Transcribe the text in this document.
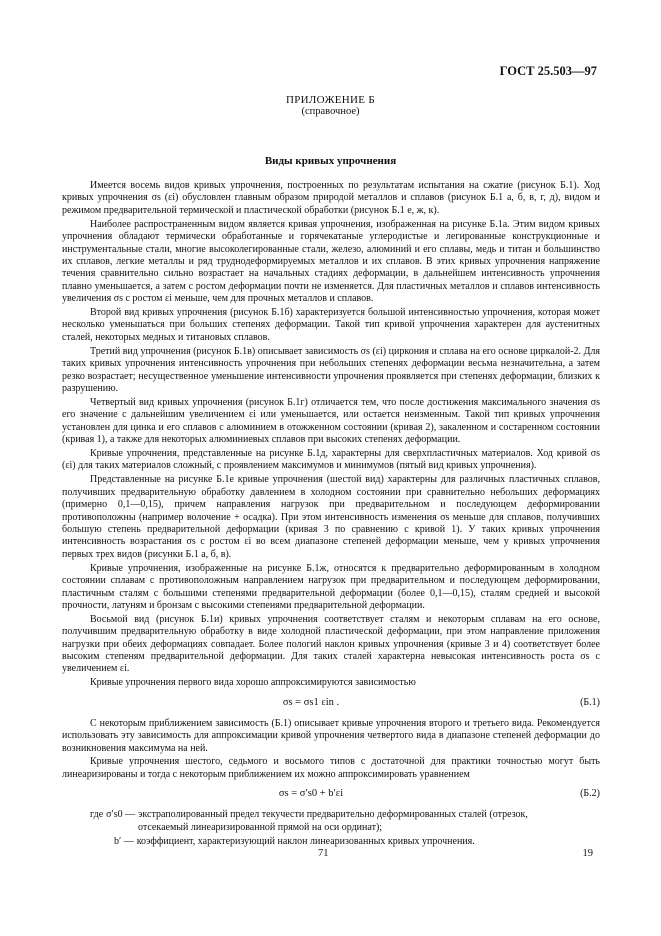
ГОСТ 25.503—97
ПРИЛОЖЕНИЕ Б
(справочное)
Виды кривых упрочнения

Имеется восемь видов кривых упрочнения, построенных по результатам испытания на сжатие (рисунок Б.1). Ход кривых упрочнения σs (εi) обусловлен главным образом природой металлов и сплавов (рисунок Б.1 а, б, в, г, д), видом и режимом предварительной термической и пластической обработки (рисунок Б.1 е, ж, к).

Наиболее распространенным видом является кривая упрочнения, изображенная на рисунке Б.1а. Этим видом кривых упрочнения обладают термически обработанные и горячекатаные углеродистые и легированные конструкционные и инструментальные стали, многие высоколегированные стали, железо, алюминий и его сплавы, медь и титан и большинство их сплавов, легкие металлы и ряд труднодеформируемых металлов и их сплавов. В этих кривых упрочнения напряжение течения сравнительно сильно возрастает на начальных стадиях деформации, в дальнейшем интенсивность упрочнения плавно уменьшается, а затем с ростом деформации почти не изменяется. Для пластичных металлов и сплавов интенсивность увеличения σs с ростом εi меньше, чем для прочных металлов и сплавов.

Второй вид кривых упрочнения (рисунок Б.1б) характеризуется большой интенсивностью упрочнения, которая может несколько уменьшаться при больших степенях деформации. Такой тип кривой упрочнения характерен для аустенитных сталей, некоторых медных и титановых сплавов.

Третий вид упрочнения (рисунок Б.1в) описывает зависимость σs (εi) циркония и сплава на его основе циркалой-2. Для таких кривых упрочнения интенсивность упрочнения при небольших степенях деформации весьма незначительна, а затем резко возрастает; несущественное уменьшение интенсивности упрочнения проявляется при степенях деформации, близких к разрушению.

Четвертый вид кривых упрочнения (рисунок Б.1г) отличается тем, что после достижения максимального значения σs его значение с дальнейшим увеличением εi или уменьшается, или остается неизменным. Такой тип кривых упрочнения установлен для цинка и его сплавов с алюминием в отожженном состоянии (кривая 2), закаленном и состаренном состоянии (кривая 1), а также для некоторых алюминиевых сплавов при высоких степенях деформации.

Кривые упрочнения, представленные на рисунке Б.1д, характерны для сверхпластичных материалов. Ход кривой σs (εi) для таких материалов сложный, с проявлением максимумов и минимумов (пятый вид кривых упрочнения).

Представленные на рисунке Б.1е кривые упрочнения (шестой вид) характерны для различных пластичных сплавов, получивших предварительную обработку давлением в холодном состоянии при сравнительно небольших деформациях (примерно 0,1—0,15), причем направления нагрузок при предварительном и последующем деформировании противоположны (например волочение + осадка). При этом интенсивность изменения σs меньше для сплавов, получивших большую степень предварительной деформации (кривая 3 по сравнению с кривой 1). У таких кривых упрочнения интенсивность возрастания σs с ростом εi во всем диапазоне степеней деформации меньше, чем у кривых упрочнения первых трех видов (рисунки Б.1 а, б, в).

Кривые упрочнения, изображенные на рисунке Б.1ж, относятся к предварительно деформированным в холодном состоянии сплавам с противоположным направлением нагрузок при предварительном и последующем деформировании, пластичным сталям с большими степенями предварительной деформации (более 0,1—0,15), сталям средней и высокой прочности, латуням и бронзам с высокими степенями предварительной деформации.

Восьмой вид (рисунок Б.1и) кривых упрочнения соответствует сталям и некоторым сплавам на его основе, получившим предварительную обработку в виде холодной пластической деформации, при этом направление приложения нагрузки при обеих деформациях совпадает. Более пологий наклон кривых упрочнения (кривые 3 и 4) соответствует более высоким степеням предварительной деформации. Для таких сталей характерна невысокая интенсивность роста σs с увеличением εi.

Кривые упрочнения первого вида хорошо аппроксимируются зависимостью

σs = σs1 εin .	(Б.1)

С некоторым приближением зависимость (Б.1) описывает кривые упрочнения второго и третьего вида. Рекомендуется использовать эту зависимость для аппроксимации кривой упрочнения четвертого вида в диапазоне степеней деформации до возникновения максимума на ней.

Кривые упрочнения шестого, седьмого и восьмого типов с достаточной для практики точностью могут быть линеаризированы и тогда с некоторым приближением их можно аппроксимировать уравнением

σs = σ′s0 + b′εi	(Б.2)
где σ′s0 — экстраполированный предел текучести предварительно деформированных сталей (отрезок,
отсекаемый линеаризированной прямой на оси ординат);
b′ — коэффициент, характеризующий наклон линеаризованных кривых упрочнения.
71	19
